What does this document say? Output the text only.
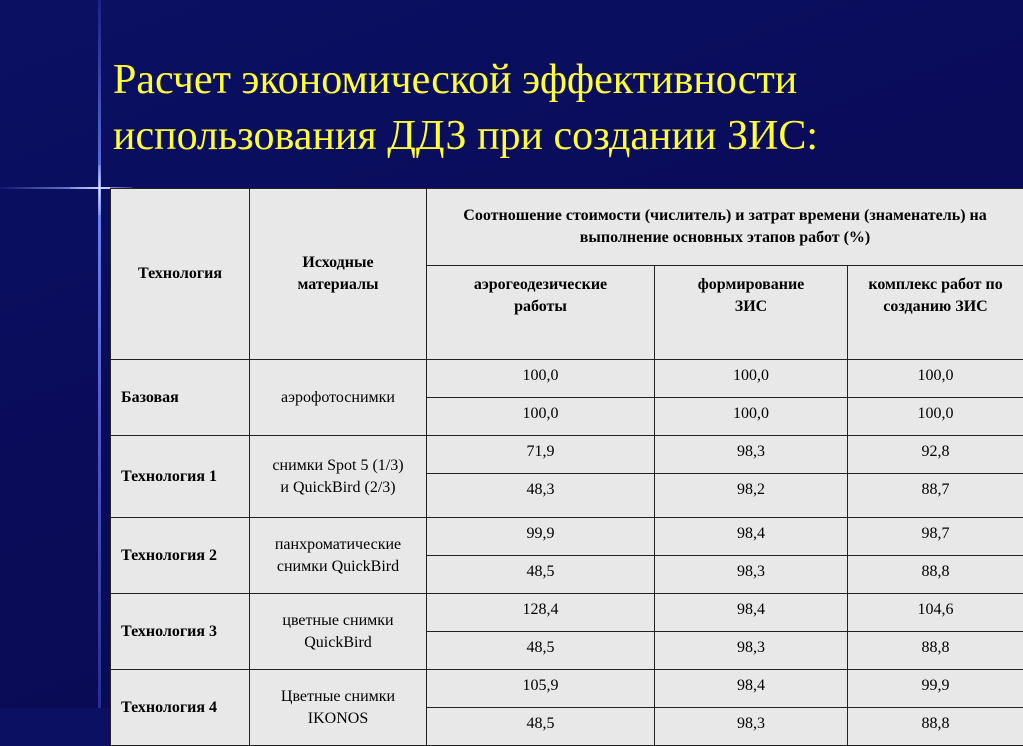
Расчет экономической эффективности
использования ДДЗ при создании ЗИС:
Технология	Исходные материалы	Соотношение стоимости (числитель) и затрат времени (знаменатель) на выполнение основных этапов работ (%)		
		аэрогеодезические работы	формирование ЗИС	комплекс работ по созданию ЗИС
Базовая	аэрофотоснимки	100,0	100,0	100,0
		100,0	100,0	100,0
Технология 1	снимки Spot 5 (1/3) и QuickBird (2/3)	71,9	98,3	92,8
		48,3	98,2	88,7
Технология 2	панхроматические снимки QuickBird	99,9	98,4	98,7
		48,5	98,3	88,8
Технология 3	цветные снимки QuickBird	128,4	98,4	104,6
		48,5	98,3	88,8
Технология 4	Цветные снимки IKONOS	105,9	98,4	99,9
		48,5	98,3	88,8
